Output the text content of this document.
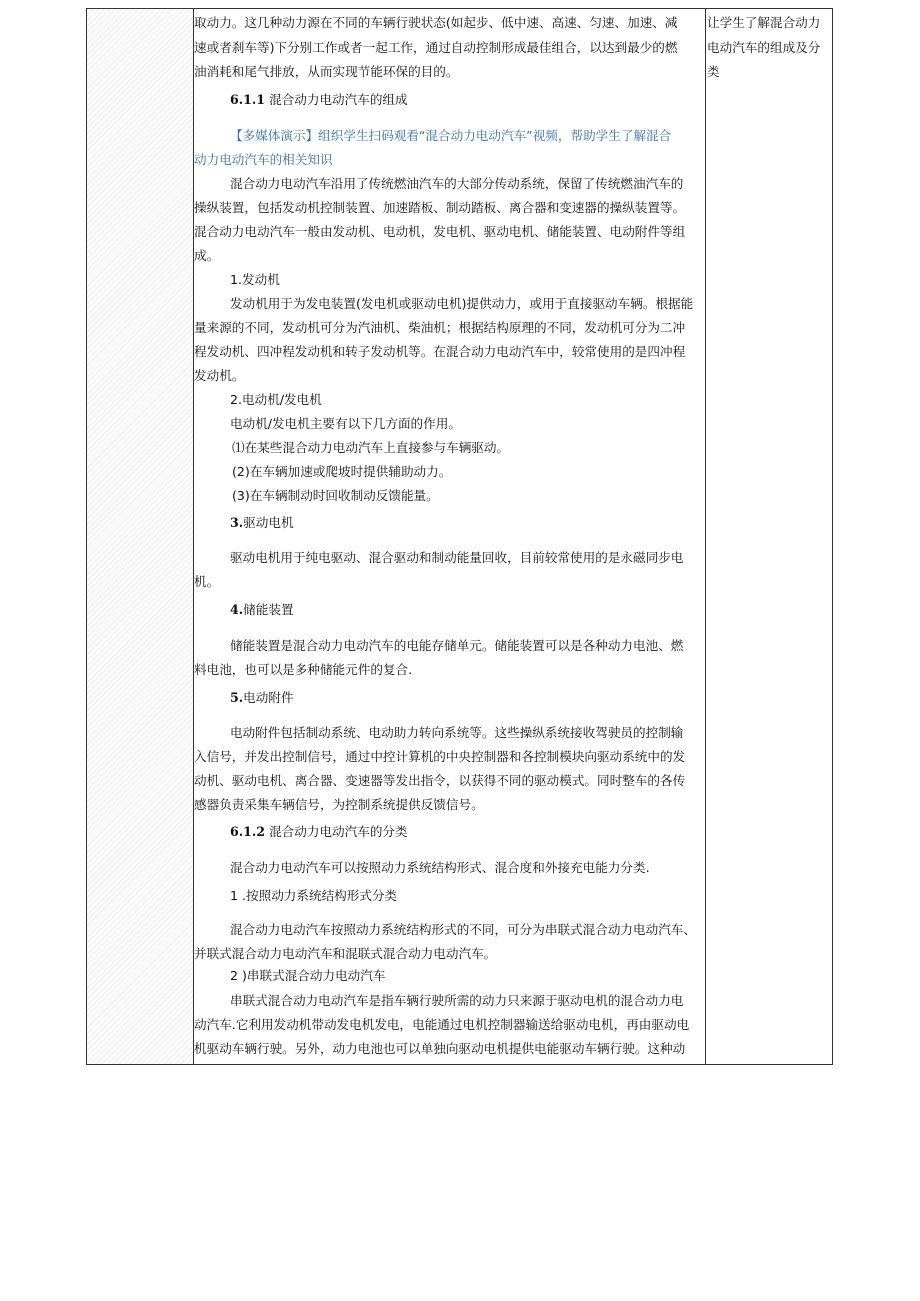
取动力。这几种动力源在不同的车辆行驶状态(如起步、低中速、高速、匀速、加速、减
速或者刹车等)下分别工作或者一起工作，通过自动控制形成最佳组合，以达到最少的燃
油消耗和尾气排放，从而实现节能环保的目的。
6.1.1 混合动力电动汽车的组成
【多媒体演示】组织学生扫码观看“混合动力电动汽车”视频，帮助学生了解混合
动力电动汽车的相关知识
混合动力电动汽车沿用了传统燃油汽车的大部分传动系统，保留了传统燃油汽车的
操纵装置，包括发动机控制装置、加速踏板、制动踏板、离合器和变速器的操纵装置等。
混合动力电动汽车一般由发动机、电动机，发电机、驱动电机、储能装置、电动附件等组
成。
1.发动机
发动机用于为发电装置(发电机或驱动电机)提供动力，或用于直接驱动车辆。根据能
量来源的不同，发动机可分为汽油机、柴油机；根据结构原理的不同，发动机可分为二冲
程发动机、四冲程发动机和转子发动机等。在混合动力电动汽车中，较常使用的是四冲程
发动机。
2.电动机/发电机
电动机/发电机主要有以下几方面的作用。
⑴在某些混合动力电动汽车上直接参与车辆驱动。
(2)在车辆加速或爬坡时提供辅助动力。
(3)在车辆制动时回收制动反馈能量。
3.驱动电机
驱动电机用于纯电驱动、混合驱动和制动能量回收，目前较常使用的是永磁同步电
机。
4.储能装置
储能装置是混合动力电动汽车的电能存储单元。储能装置可以是各种动力电池、燃
料电池，也可以是多种储能元件的复合.
5.电动附件
电动附件包括制动系统、电动助力转向系统等。这些操纵系统接收驾驶员的控制输
入信号，并发出控制信号，通过中控计算机的中央控制器和各控制模块向驱动系统中的发
动机、驱动电机、离合器、变速器等发出指令，以获得不同的驱动模式。同时整车的各传
感器负责采集车辆信号，为控制系统提供反馈信号。
6.1.2 混合动力电动汽车的分类
混合动力电动汽车可以按照动力系统结构形式、混合度和外接充电能力分类.
1 .按照动力系统结构形式分类
混合动力电动汽车按照动力系统结构形式的不同，可分为串联式混合动力电动汽车、
并联式混合动力电动汽车和混联式混合动力电动汽车。
2 )串联式混合动力电动汽车
串联式混合动力电动汽车是指车辆行驶所需的动力只来源于驱动电机的混合动力电
动汽车.它利用发动机带动发电机发电，电能通过电机控制器输送给驱动电机，再由驱动电
机驱动车辆行驶。另外，动力电池也可以单独向驱动电机提供电能驱动车辆行驶。这种动
让学生了解混合动力
电动汽车的组成及分
类
